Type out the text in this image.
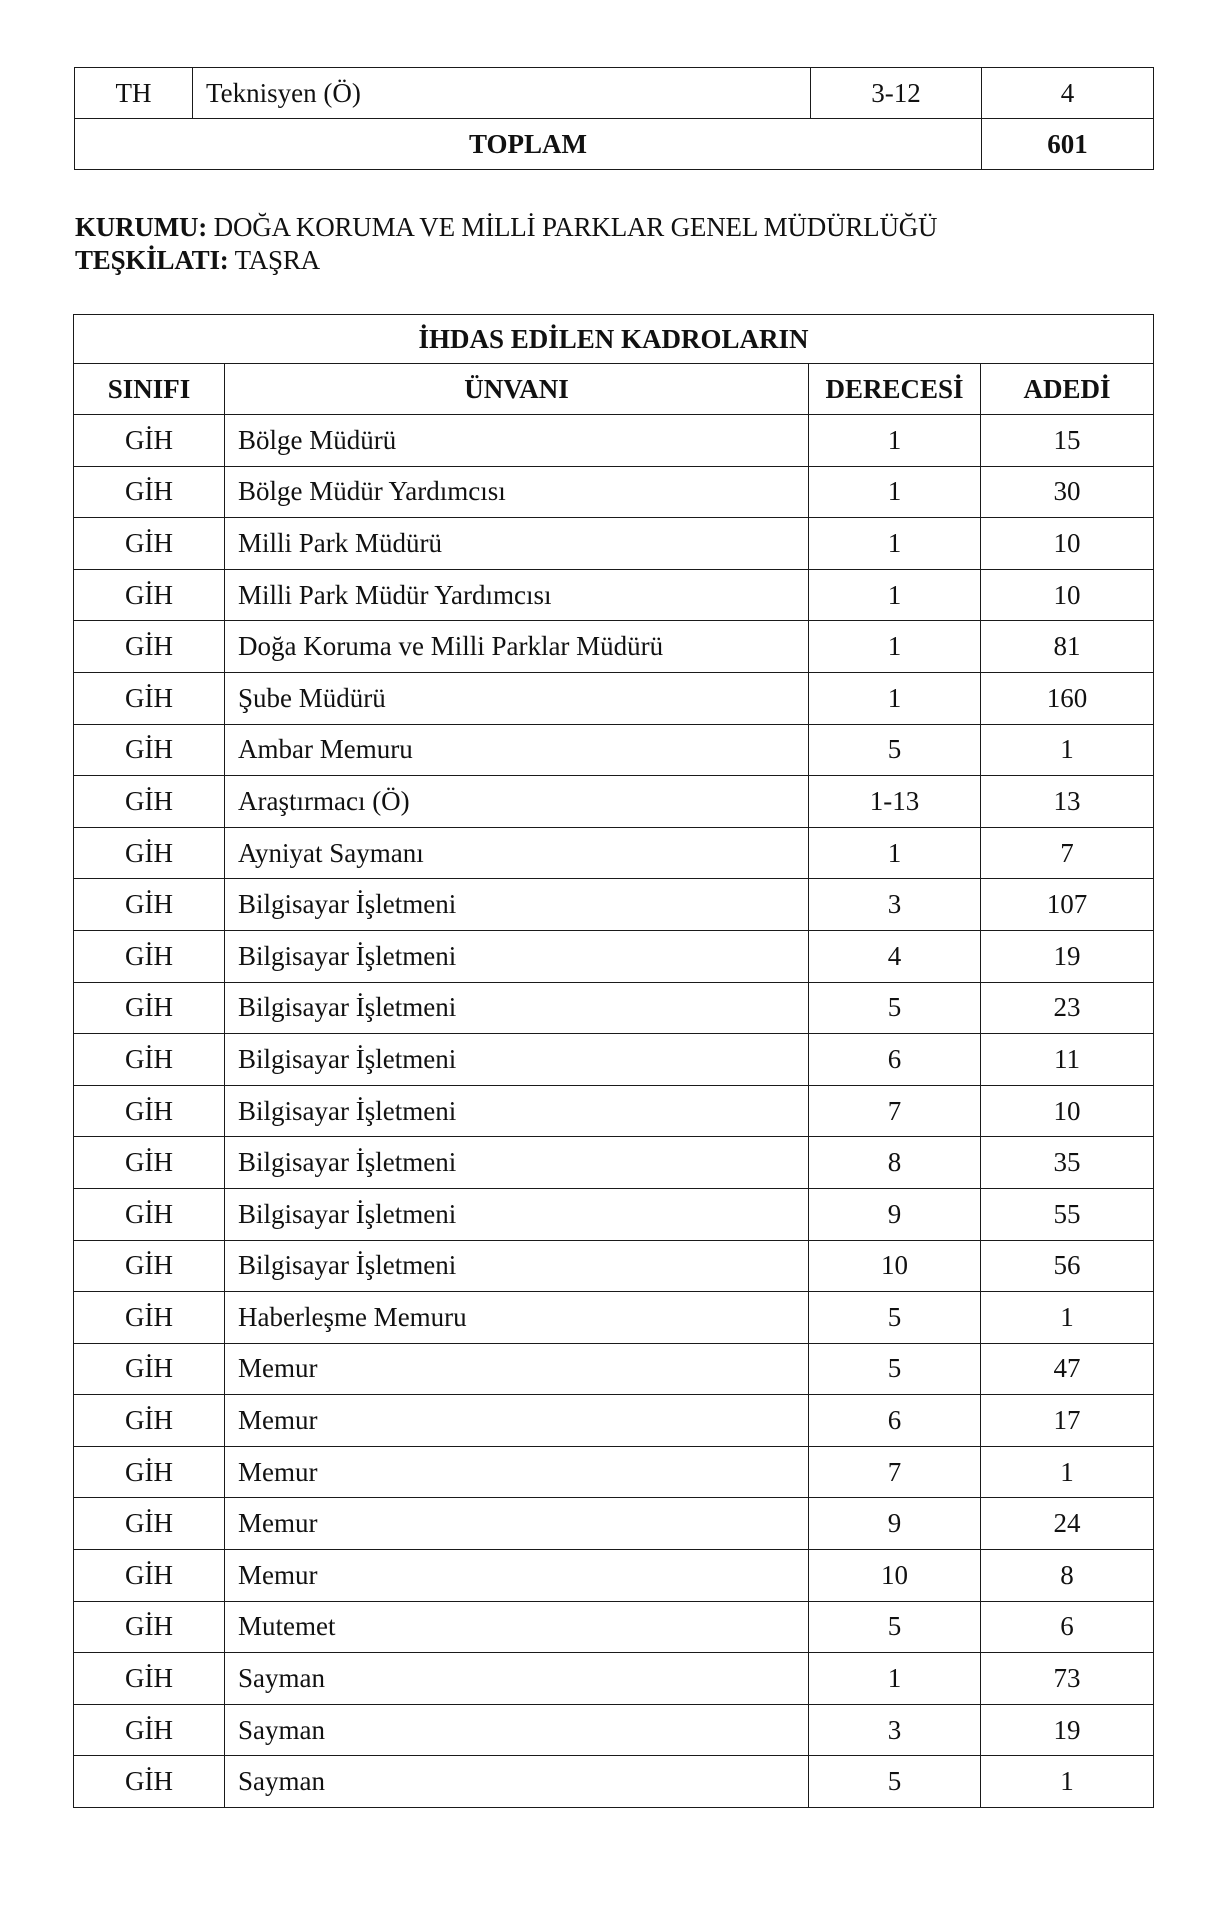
TH	Teknisyen (Ö)	3-12	4
TOPLAM			601
KURUMU: DOĞA KORUMA VE MİLLİ PARKLAR GENEL MÜDÜRLÜĞÜ
TEŞKİLATI: TAŞRA
İHDAS EDİLEN KADROLARIN			
SINIFI	ÜNVANI	DERECESİ	ADEDİ
GİH	Bölge Müdürü	1	15
GİH	Bölge Müdür Yardımcısı	1	30
GİH	Milli Park Müdürü	1	10
GİH	Milli Park Müdür Yardımcısı	1	10
GİH	Doğa Koruma ve Milli Parklar Müdürü	1	81
GİH	Şube Müdürü	1	160
GİH	Ambar Memuru	5	1
GİH	Araştırmacı (Ö)	1-13	13
GİH	Ayniyat Saymanı	1	7
GİH	Bilgisayar İşletmeni	3	107
GİH	Bilgisayar İşletmeni	4	19
GİH	Bilgisayar İşletmeni	5	23
GİH	Bilgisayar İşletmeni	6	11
GİH	Bilgisayar İşletmeni	7	10
GİH	Bilgisayar İşletmeni	8	35
GİH	Bilgisayar İşletmeni	9	55
GİH	Bilgisayar İşletmeni	10	56
GİH	Haberleşme Memuru	5	1
GİH	Memur	5	47
GİH	Memur	6	17
GİH	Memur	7	1
GİH	Memur	9	24
GİH	Memur	10	8
GİH	Mutemet	5	6
GİH	Sayman	1	73
GİH	Sayman	3	19
GİH	Sayman	5	1
